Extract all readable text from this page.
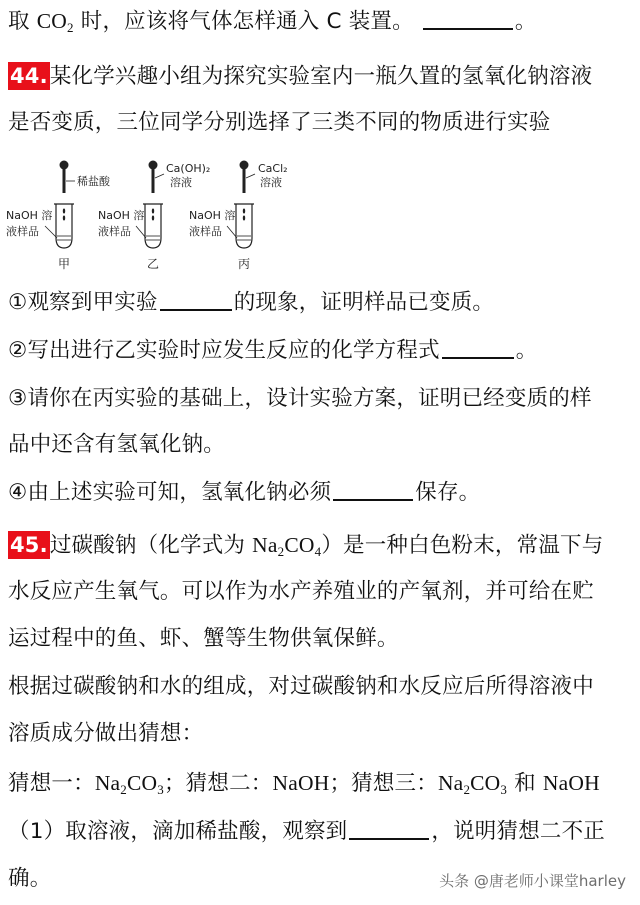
取 $CO_2$ 时，应该将气体怎样通入 C 装置。	。
44.某化学兴趣小组为探究实验室内一瓶久置的氢氧化钠溶液
是否变质，三位同学分别选择了三类不同的物质进行实验
稀盐酸
NaOH 溶
液样品
甲
Ca(OH)₂
溶液
NaOH 溶
液样品
乙
CaCl₂
溶液
NaOH 溶
液样品
丙
①观察到甲实验	的现象，证明样品已变质。
②写出进行乙实验时应发生反应的化学方程式	。
③请你在丙实验的基础上，设计实验方案，证明已经变质的样
品中还含有氢氧化钠。
④由上述实验可知，氢氧化钠必须	保存。
45.过碳酸钠（化学式为 $Na_2CO_4$）是一种白色粉末，常温下与
水反应产生氧气。可以作为水产养殖业的产氧剂，并可给在贮
运过程中的鱼、虾、蟹等生物供氧保鲜。
根据过碳酸钠和水的组成，对过碳酸钠和水反应后所得溶液中
溶质成分做出猜想：
猜想一：$Na_2CO_3$；猜想二：NaOH；猜想三：$Na_2CO_3$ 和 NaOH
（1）取溶液，滴加稀盐酸，观察到	，说明猜想二不正
确。	头条 @唐老师小课堂harley
